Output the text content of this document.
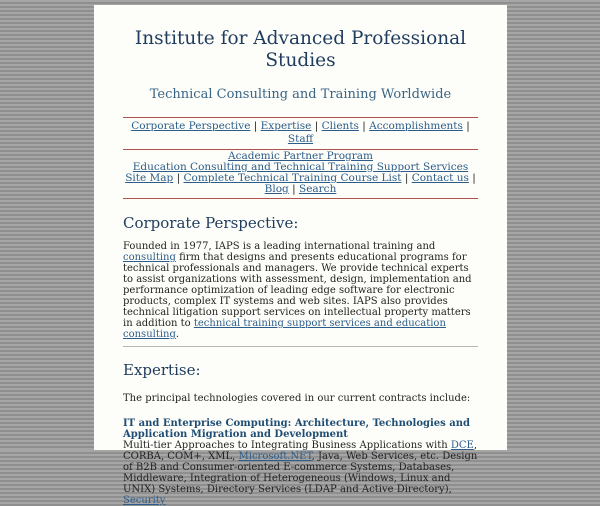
Institute for Advanced Professional Studies
Technical Consulting and Training Worldwide
Corporate Perspective | Expertise | Clients | Accomplishments | Staff
Academic Partner Program
Education Consulting and Technical Training Support Services
Site Map | Complete Technical Training Course List | Contact us | Blog | Search
Corporate Perspective:

Founded in 1977, IAPS is a leading international training and consulting firm that designs and presents educational programs for technical professionals and managers. We provide technical experts to assist organizations with assessment, design, implementation and performance optimization of leading edge software for electronic products, complex IT systems and web sites. IAPS also provides technical litigation support services on intellectual property matters in addition to technical training support services and education consulting.

Expertise:

The principal technologies covered in our current contracts include:

IT and Enterprise Computing: Architecture, Technologies and Application Migration and Development

Multi-tier Approaches to Integrating Business Applications with DCE, CORBA, COM+, XML, Microsoft.NET, Java, Web Services, etc. Design of B2B and Consumer-oriented E-commerce Systems, Databases, Middleware, Integration of Heterogeneous (Windows, Linux and UNIX) Systems, Directory Services (LDAP and Active Directory), Security
